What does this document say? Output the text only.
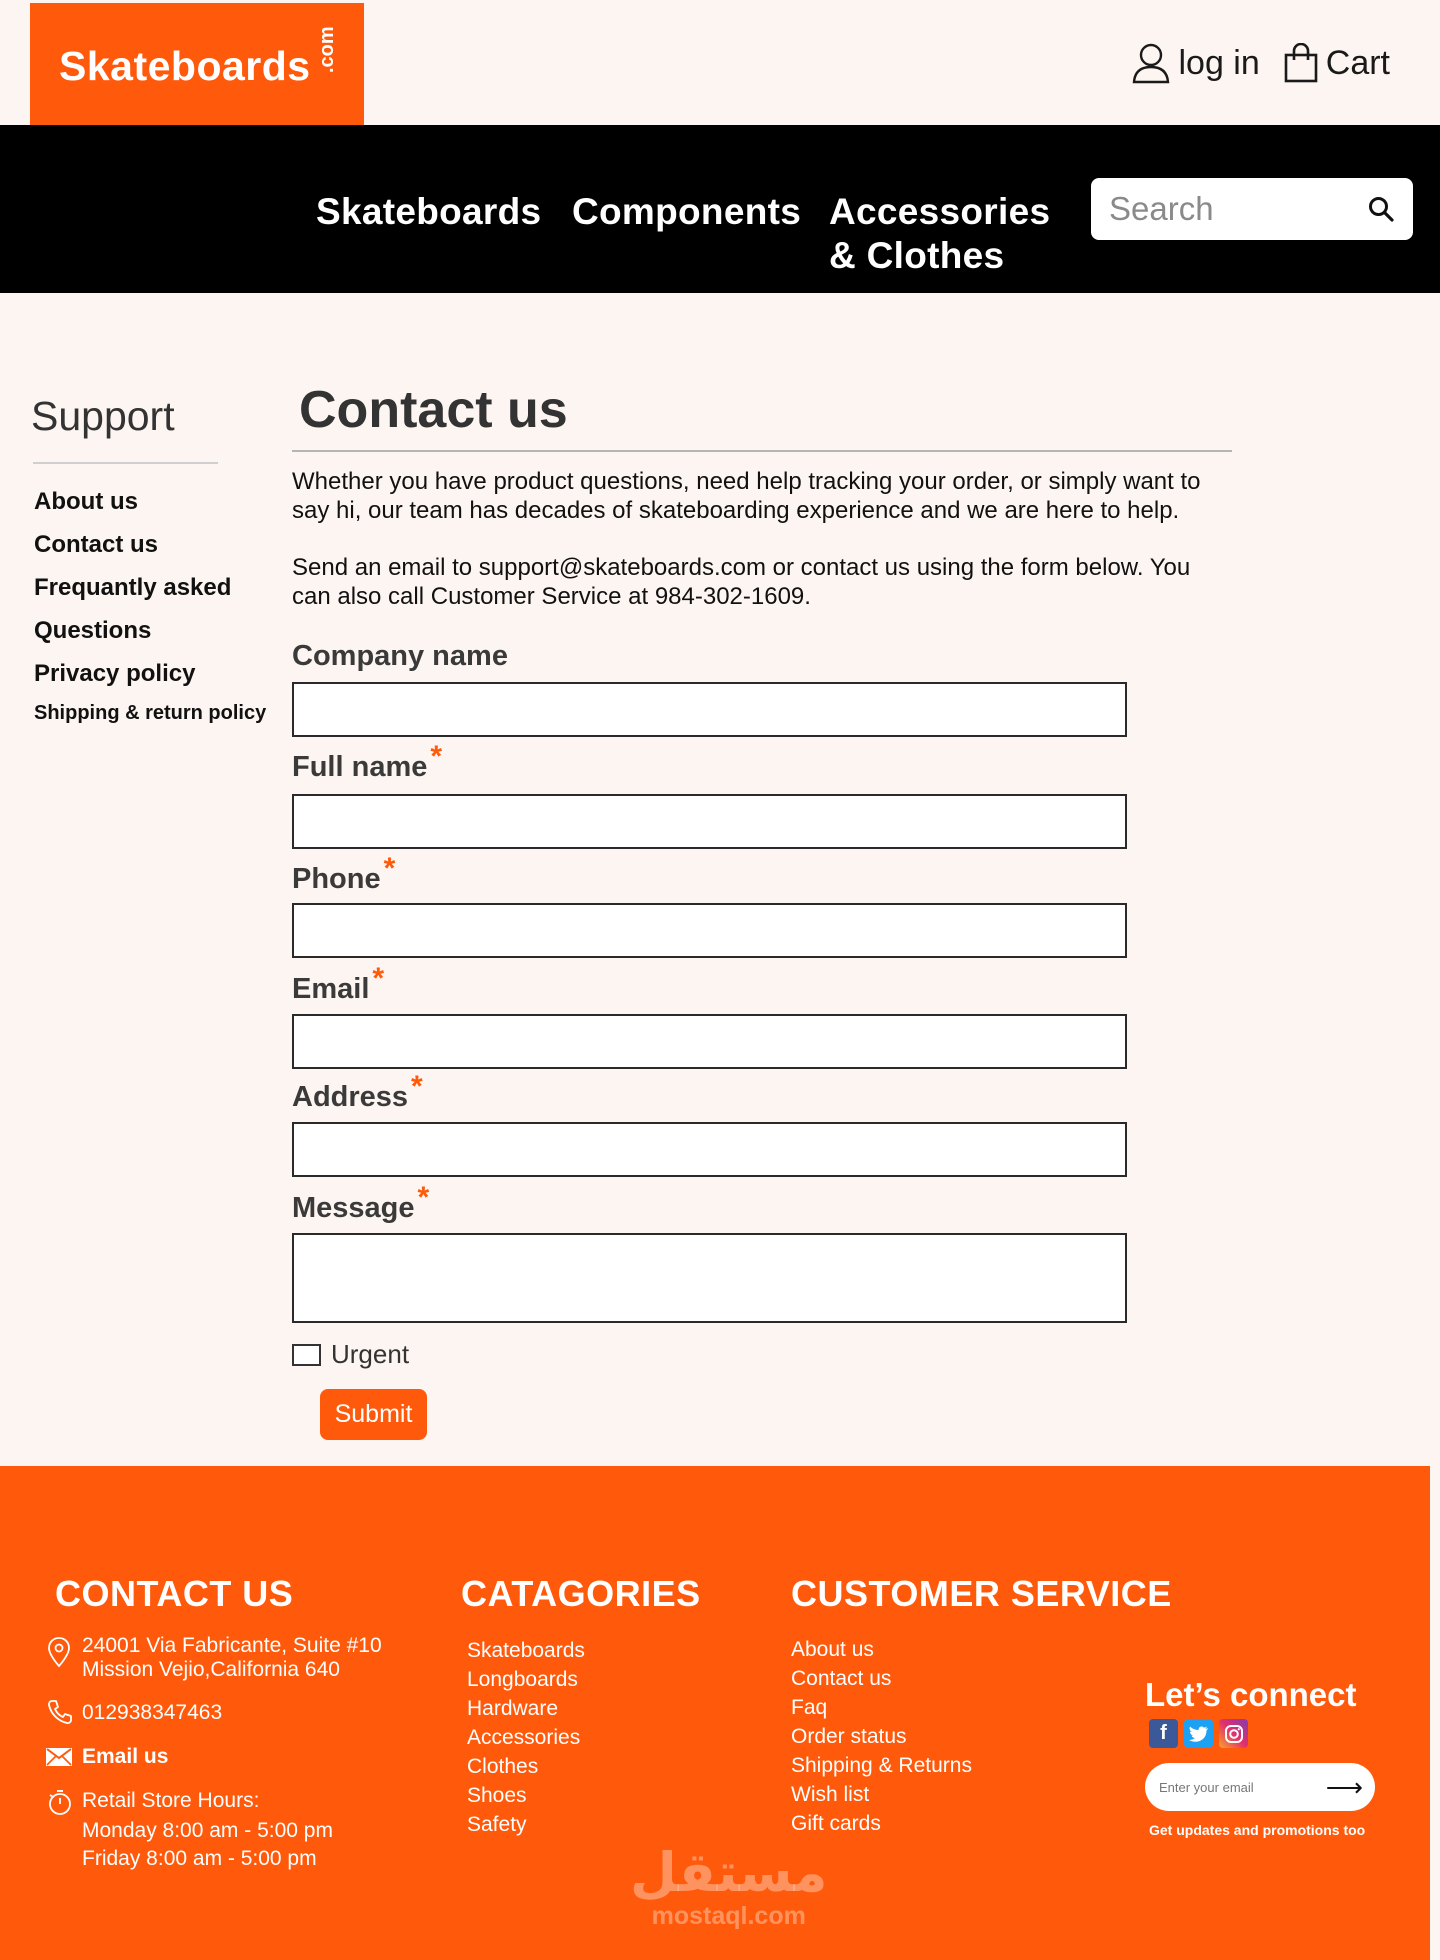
Skateboards .com	log in Cart
Skateboards Components Accessories
& Clothes
Search
Support
About us
Contact us
Frequantly asked
Questions
Privacy policy
Shipping & return policy
Contact us
Whether you have product questions, need help tracking your order, or simply want to
say hi, our team has decades of skateboarding experience and we are here to help.
Send an email to support@skateboards.com or contact us using the form below. You
can also call Customer Service at 984-302-1609.
Company name
Full name *
Phone *
Email *
Address *
Message *
Urgent
Submit
CONTACT US
24001 Via Fabricante, Suite #10
Mission Vejio,California 640
012938347463
Email us
Retail Store Hours:
Monday 8:00 am - 5:00 pm
Friday 8:00 am - 5:00 pm
CATAGORIES
Skateboards
Longboards
Hardware
Accessories
Clothes
Shoes
Safety
CUSTOMER SERVICE
About us
Contact us
Faq
Order status
Shipping & Returns
Wish list
Gift cards
Let’s connect
f
Enter your email
⟶
Get updates and promotions too
مستقل
mostaql.com
